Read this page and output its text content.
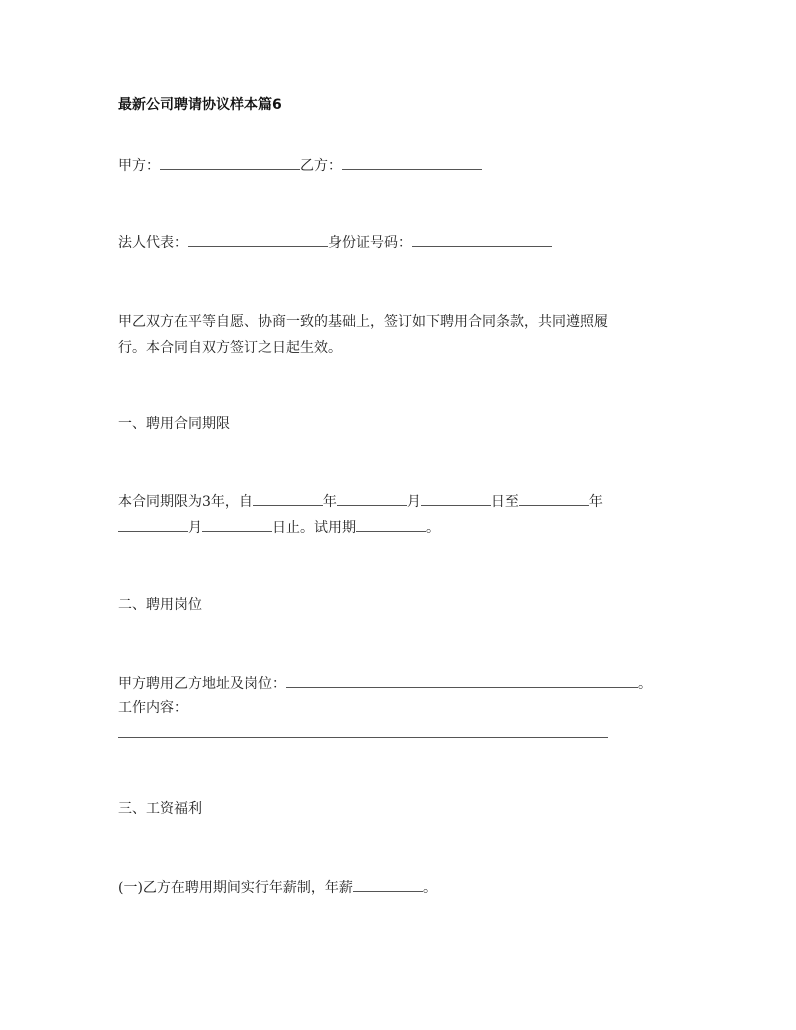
最新公司聘请协议样本篇6
甲方：	乙方：
法人代表：	身份证号码：
甲乙双方在平等自愿、协商一致的基础上，签订如下聘用合同条款，共同遵照履
行。本合同自双方签订之日起生效。
一、聘用合同期限
本合同期限为3年，自	年	月	日至	年
月	日止。试用期	。
二、聘用岗位
甲方聘用乙方地址及岗位：	。
工作内容：
三、工资福利
(一)乙方在聘用期间实行年薪制，年薪	。
